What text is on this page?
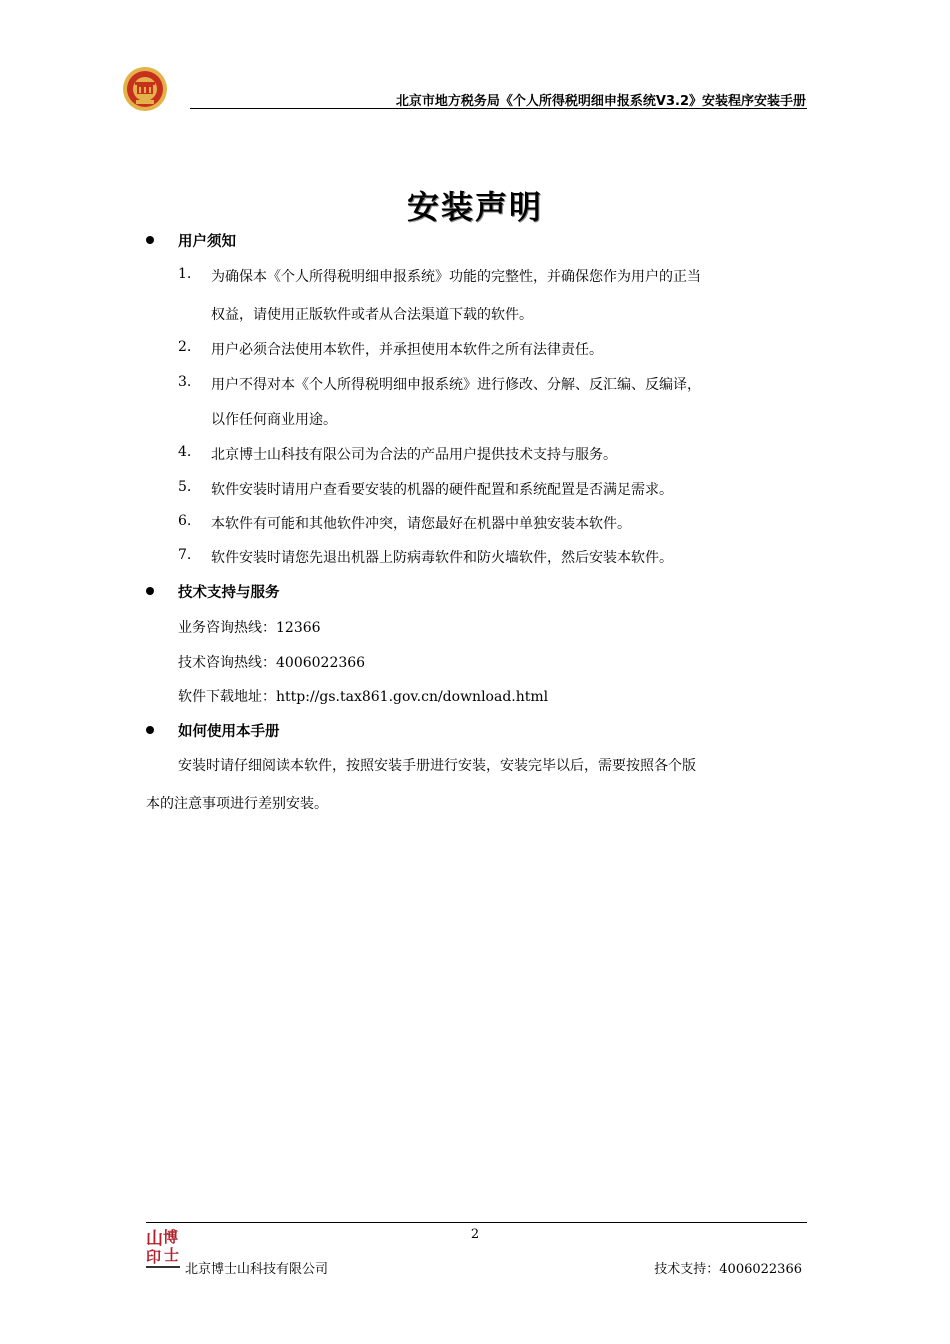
北京市地方税务局《个人所得税明细申报系统V3.2》安装程序安装手册
安装声明
用户须知
1. 为确保本《个人所得税明细申报系统》功能的完整性，并确保您作为用户的正当
权益，请使用正版软件或者从合法渠道下载的软件。
2. 用户必须合法使用本软件，并承担使用本软件之所有法律责任。
3. 用户不得对本《个人所得税明细申报系统》进行修改、分解、反汇编、反编译，
以作任何商业用途。
4. 北京博士山科技有限公司为合法的产品用户提供技术支持与服务。
5. 软件安装时请用户查看要安装的机器的硬件配置和系统配置是否满足需求。
6. 本软件有可能和其他软件冲突，请您最好在机器中单独安装本软件。
7. 软件安装时请您先退出机器上防病毒软件和防火墙软件，然后安装本软件。
技术支持与服务
业务咨询热线：12366
技术咨询热线：4006022366
软件下载地址：http://gs.tax861.gov.cn/download.html
如何使用本手册
安装时请仔细阅读本软件，按照安装手册进行安装，安装完毕以后，需要按照各个版
本的注意事项进行差别安装。
2
山 博
印 士
北京博士山科技有限公司	技术支持：4006022366
